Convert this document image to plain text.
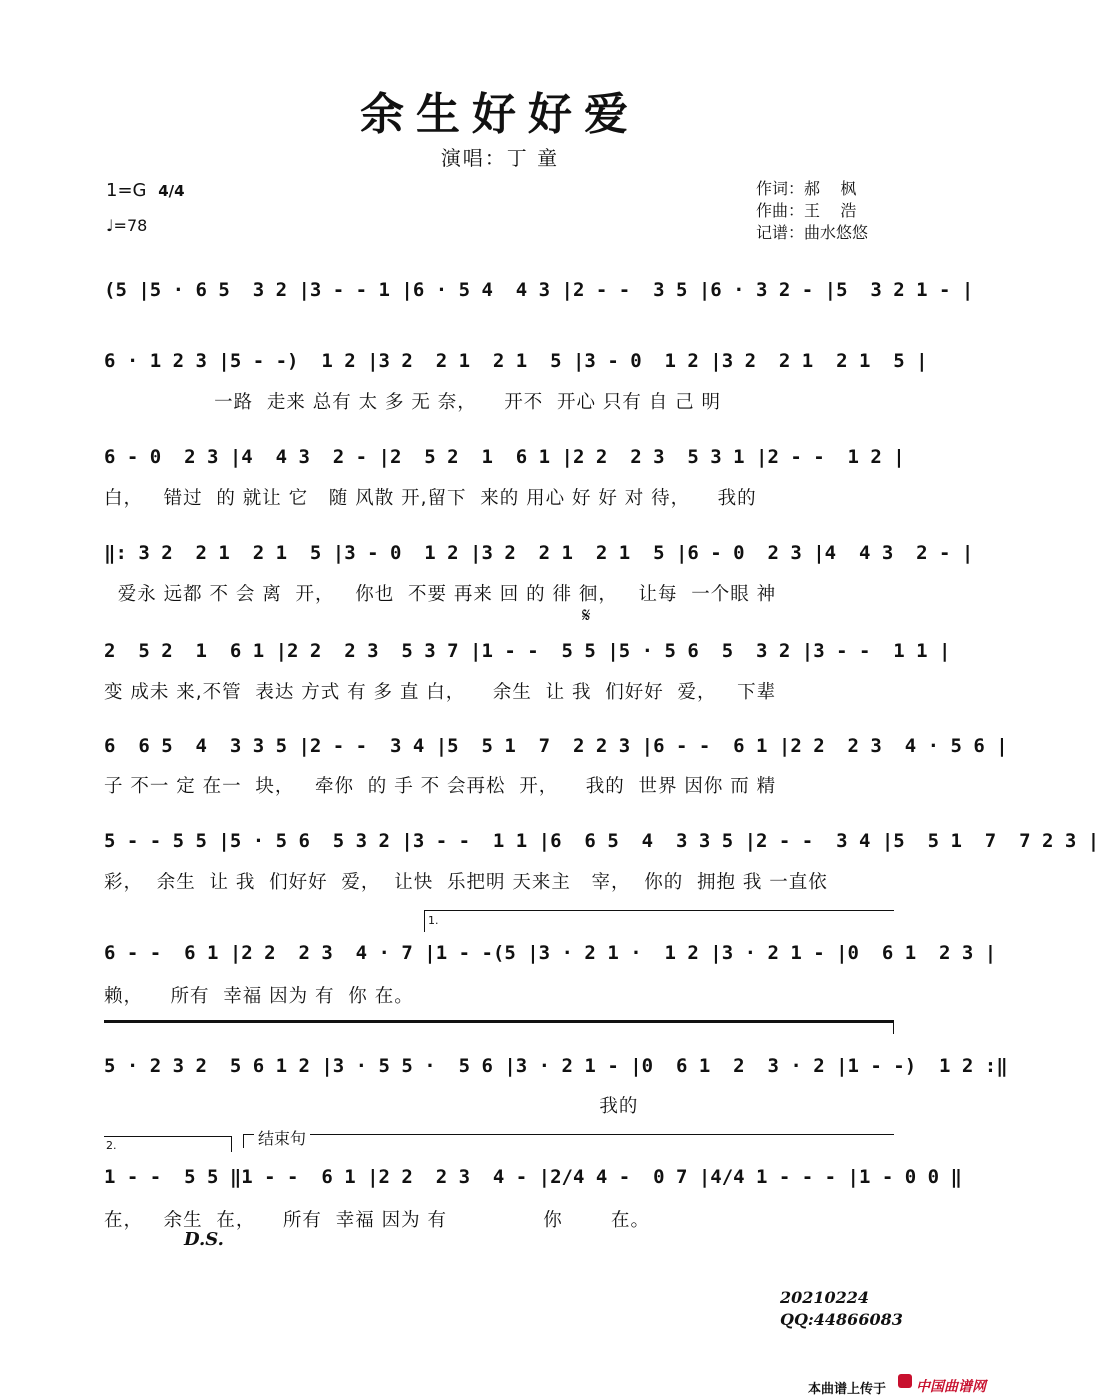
余生好好爱
演唱：丁 童
1=G 4/4
♩=78
作词：郝    枫
作曲：王    浩
记谱：曲水悠悠
(5 |5 · 6 5  3 2 |3 - - 1 |6 · 5 4  4 3 |2 - -  3 5 |6 · 3 2 - |5  3 2 1 - |
6 · 1 2 3 |5 - -)  1 2 |3 2  2 1  2 1  5 |3 - 0  1 2 |3 2  2 1  2 1  5 |
一路  走来 总有 太 多 无 奈，    开不  开心 只有 自 己 明
6 - 0  2 3 |4  4 3  2 - |2  5 2  1  6 1 |2 2  2 3  5 3 1 |2 - -  1 2 |
白，   错过  的 就让 它   随 风散 开,留下  来的 用心 好 好 对 待，    我的
‖: 3 2  2 1  2 1  5 |3 - 0  1 2 |3 2  2 1  2 1  5 |6 - 0  2 3 |4  4 3  2 - |
爱永 远都 不 会 离  开，   你也  不要 再来 回 的 徘 徊，   让每  一个眼 神
𝄋
2  5 2  1  6 1 |2 2  2 3  5 3 7 |1 - -  5 5 |5 · 5 6  5  3 2 |3 - -  1 1 |
变 成未 来,不管  表达 方式 有 多 直 白，    余生  让 我  们好好  爱，   下辈
6  6 5  4  3 3 5 |2 - -  3 4 |5  5 1  7  2 2 3 |6 - -  6 1 |2 2  2 3  4 · 5 6 |
子 不一 定 在一  块，   牵你  的 手 不 会再松  开，    我的  世界 因你 而 精
5 - - 5 5 |5 · 5 6  5 3 2 |3 - -  1 1 |6  6 5  4  3 3 5 |2 - -  3 4 |5  5 1  7  7 2 3 |
彩，  余生  让 我  们好好  爱，  让快  乐把明 天来主   宰，  你的  拥抱 我 一直依
1.
6 - -  6 1 |2 2  2 3  4 · 7 |1 - -(5 |3 · 2 1 ·  1 2 |3 · 2 1 - |0  6 1  2 3 |
赖，    所有  幸福 因为 有  你 在。
5 · 2 3 2  5 6 1 2 |3 · 5 5 ·  5 6 |3 · 2 1 - |0  6 1  2  3 · 2 |1 - -)  1 2 :‖
我的
2.	结束句
1 - -  5 5 ‖1 - -  6 1 |2 2  2 3  4 - |2/4 4 -  0 7 |4/4 1 - - - |1 - 0 0 ‖
在，   余生  在，    所有  幸福 因为 有              你       在。
D.S.
20210224
QQ:44866083
本曲谱上传于 中国曲谱网
